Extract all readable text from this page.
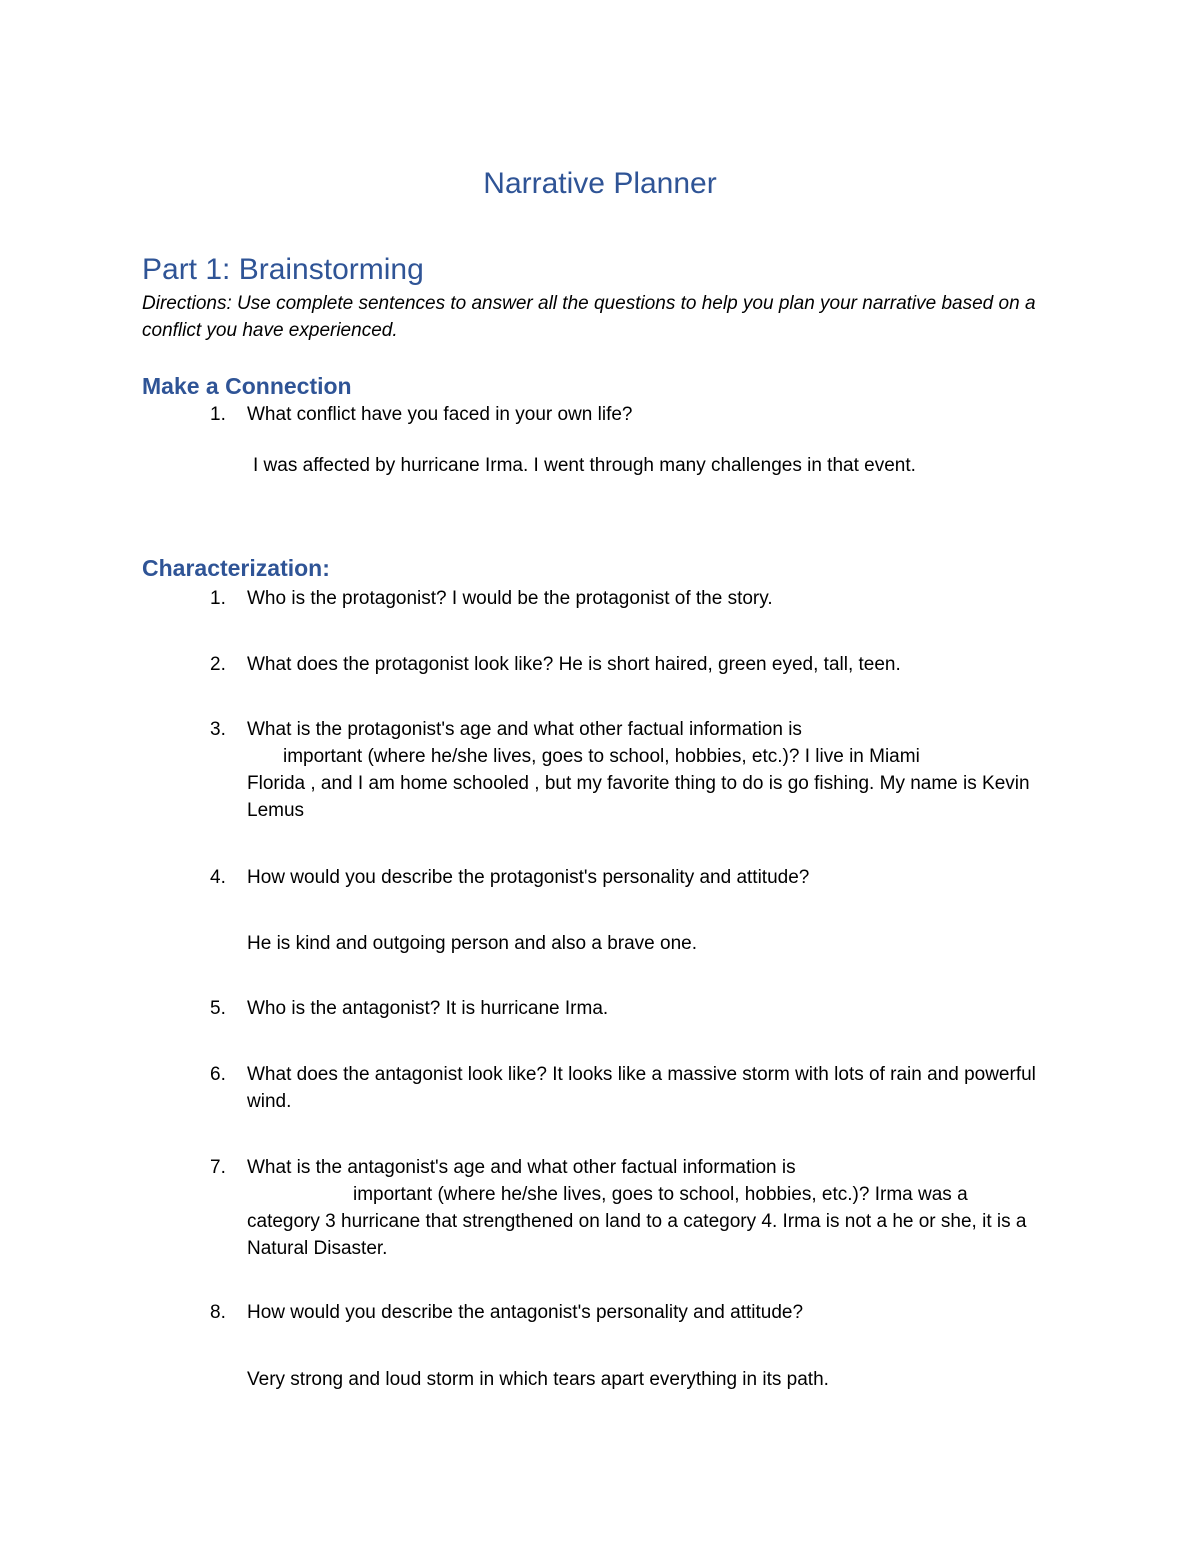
Narrative Planner
Part 1: Brainstorming
Directions: Use complete sentences to answer all the questions to help you plan your narrative based on a conflict you have experienced.
Make a Connection
1.	What conflict have you faced in your own life?
I was affected by hurricane Irma. I went through many challenges in that event.
Characterization:
1.	Who is the protagonist? I would be the protagonist of the story.
2.	What does the protagonist look like? He is short haired, green eyed, tall, teen.
3.	What is the protagonist's age and what other factual information is
important (where he/she lives, goes to school, hobbies, etc.)? I live in Miami
Florida , and I am home schooled , but my favorite thing to do is go fishing. My name is Kevin Lemus
4.	How would you describe the protagonist's personality and attitude?
He is kind and outgoing person and also a brave one.
5.	Who is the antagonist? It is hurricane Irma.
6.	What does the antagonist look like? It looks like a massive storm with lots of rain and powerful wind.
7.	What is the antagonist's age and what other factual information is
important (where he/she lives, goes to school, hobbies, etc.)? Irma was a
category 3 hurricane that strengthened on land to a category 4. Irma is not a he or she, it is a Natural Disaster.
8.	How would you describe the antagonist's personality and attitude?
Very strong and loud storm in which tears apart everything in its path.
